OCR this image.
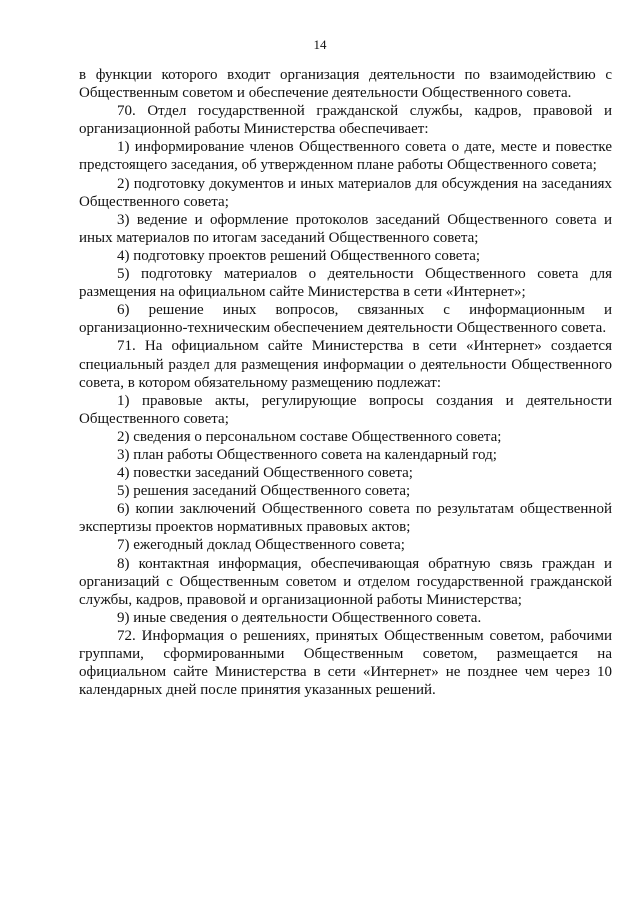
14

в функции которого входит организация деятельности по взаимодействию с Общественным советом и обеспечение деятельности Общественного совета.

70. Отдел государственной гражданской службы, кадров, правовой и организационной работы Министерства обеспечивает:

1) информирование членов Общественного совета о дате, месте и повестке предстоящего заседания, об утвержденном плане работы Общественного совета;

2) подготовку документов и иных материалов для обсуждения на заседаниях Общественного совета;

3) ведение и оформление протоколов заседаний Общественного совета и иных материалов по итогам заседаний Общественного совета;

4) подготовку проектов решений Общественного совета;

5) подготовку материалов о деятельности Общественного совета для размещения на официальном сайте Министерства в сети «Интернет»;

6) решение иных вопросов, связанных с информационным и организационно-техническим обеспечением деятельности Общественного совета.

71. На официальном сайте Министерства в сети «Интернет» создается специальный раздел для размещения информации о деятельности Общественного совета, в котором обязательному размещению подлежат:

1) правовые акты, регулирующие вопросы создания и деятельности Общественного совета;

2) сведения о персональном составе Общественного совета;

3) план работы Общественного совета на календарный год;

4) повестки заседаний Общественного совета;

5) решения заседаний Общественного совета;

6) копии заключений Общественного совета по результатам общественной экспертизы проектов нормативных правовых актов;

7) ежегодный доклад Общественного совета;

8) контактная информация, обеспечивающая обратную связь граждан и организаций с Общественным советом и отделом государственной гражданской службы, кадров, правовой и организационной работы Министерства;

9) иные сведения о деятельности Общественного совета.

72. Информация о решениях, принятых Общественным советом, рабочими группами, сформированными Общественным советом, размещается на официальном сайте Министерства в сети «Интернет» не позднее чем через 10 календарных дней после принятия указанных решений.
